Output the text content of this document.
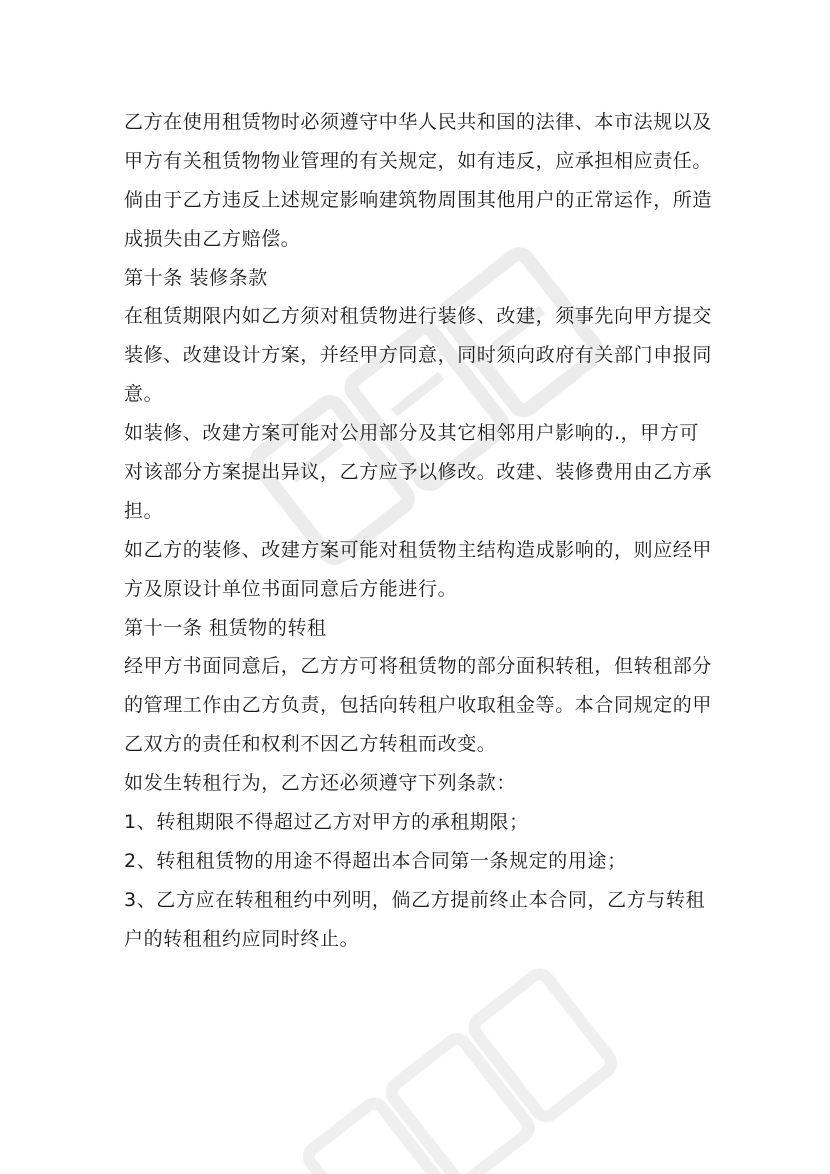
乙方在使用租赁物时必须遵守中华人民共和国的法律、本市法规以及
甲方有关租赁物物业管理的有关规定，如有违反，应承担相应责任。
倘由于乙方违反上述规定影响建筑物周围其他用户的正常运作，所造
成损失由乙方赔偿。
第十条 装修条款
在租赁期限内如乙方须对租赁物进行装修、改建，须事先向甲方提交
装修、改建设计方案，并经甲方同意，同时须向政府有关部门申报同
意。
如装修、改建方案可能对公用部分及其它相邻用户影响的.，甲方可
对该部分方案提出异议，乙方应予以修改。改建、装修费用由乙方承
担。
如乙方的装修、改建方案可能对租赁物主结构造成影响的，则应经甲
方及原设计单位书面同意后方能进行。
第十一条 租赁物的转租
经甲方书面同意后，乙方方可将租赁物的部分面积转租，但转租部分
的管理工作由乙方负责，包括向转租户收取租金等。本合同规定的甲
乙双方的责任和权利不因乙方转租而改变。
如发生转租行为，乙方还必须遵守下列条款：
1、转租期限不得超过乙方对甲方的承租期限；
2、转租租赁物的用途不得超出本合同第一条规定的用途；
3、乙方应在转租租约中列明，倘乙方提前终止本合同，乙方与转租
户的转租租约应同时终止。
